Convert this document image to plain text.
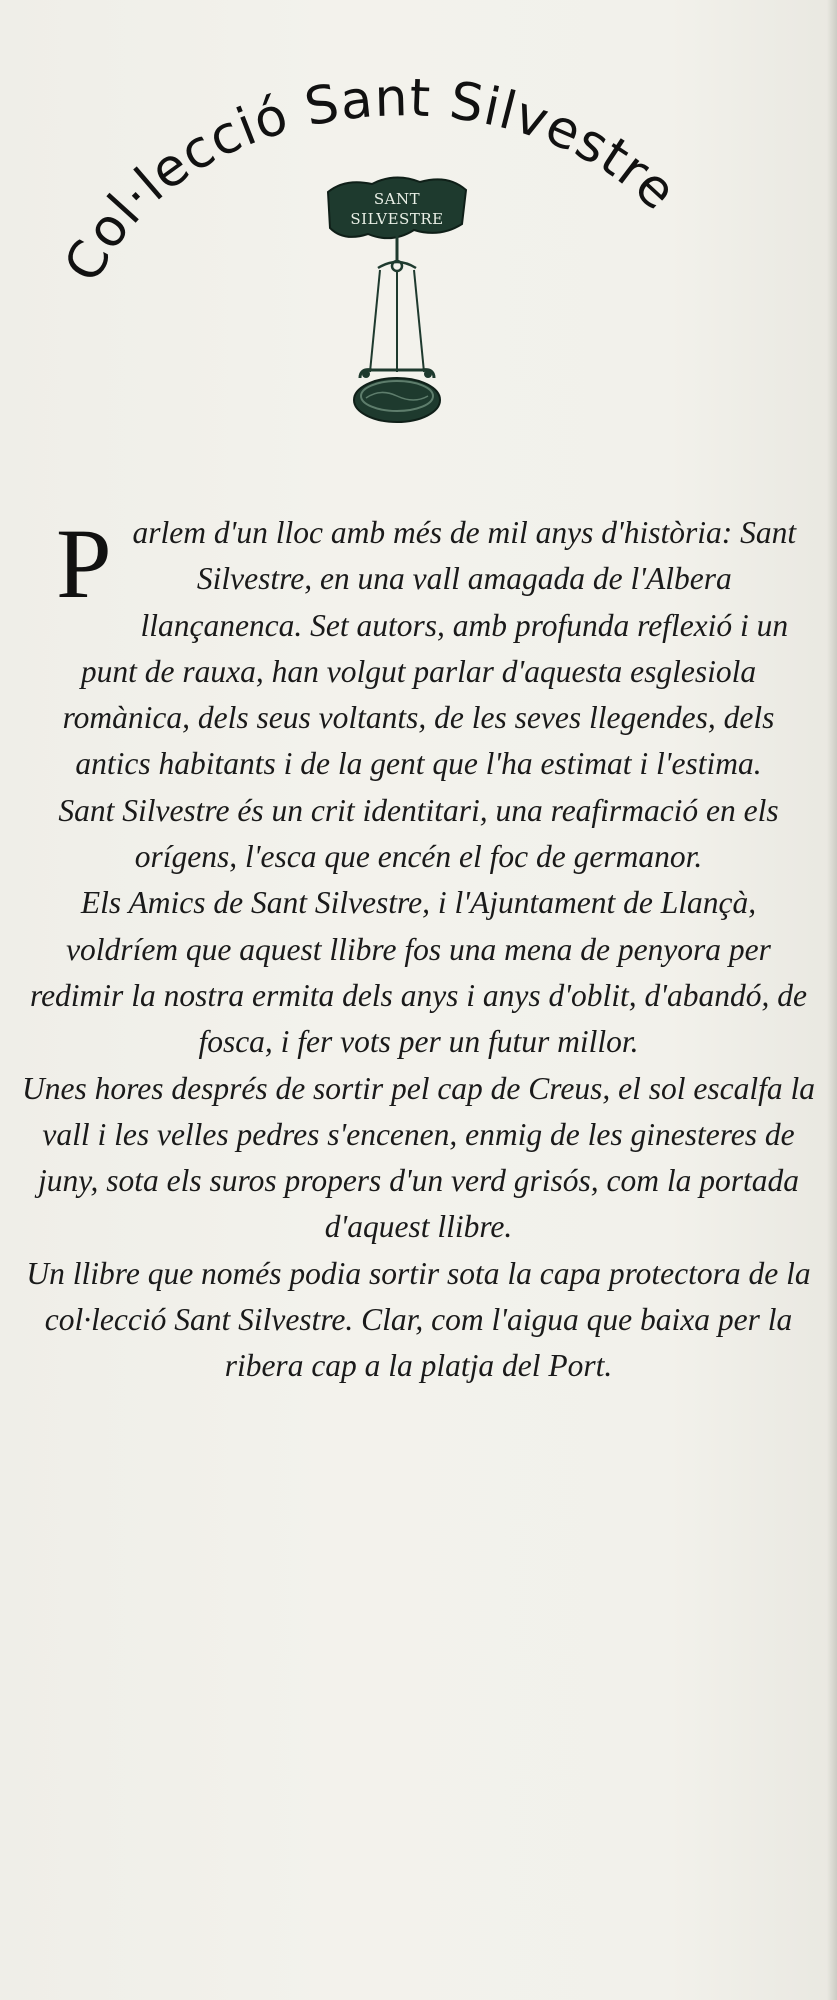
Col·lecció Sant Silvestre
SANT
SILVESTRE

Parlem d'un lloc amb més de mil anys d'història: Sant Silvestre, en una vall amagada de l'Albera llançanenca. Set autors, amb profunda reflexió i un punt de rauxa, han volgut parlar d'aquesta esglesiola romànica, dels seus voltants, de les seves llegendes, dels antics habitants i de la gent que l'ha estimat i l'estima.

Sant Silvestre és un crit identitari, una reafirmació en els orígens, l'esca que encén el foc de germanor.

Els Amics de Sant Silvestre, i l'Ajuntament de Llançà, voldríem que aquest llibre fos una mena de penyora per redimir la nostra ermita dels anys i anys d'oblit, d'abandó, de fosca, i fer vots per un futur millor.

Unes hores després de sortir pel cap de Creus, el sol escalfa la vall i les velles pedres s'encenen, enmig de les ginesteres de juny, sota els suros propers d'un verd grisós, com la portada d'aquest llibre.

Un llibre que només podia sortir sota la capa protectora de la col·lecció Sant Silvestre. Clar, com l'aigua que baixa per la ribera cap a la platja del Port.
